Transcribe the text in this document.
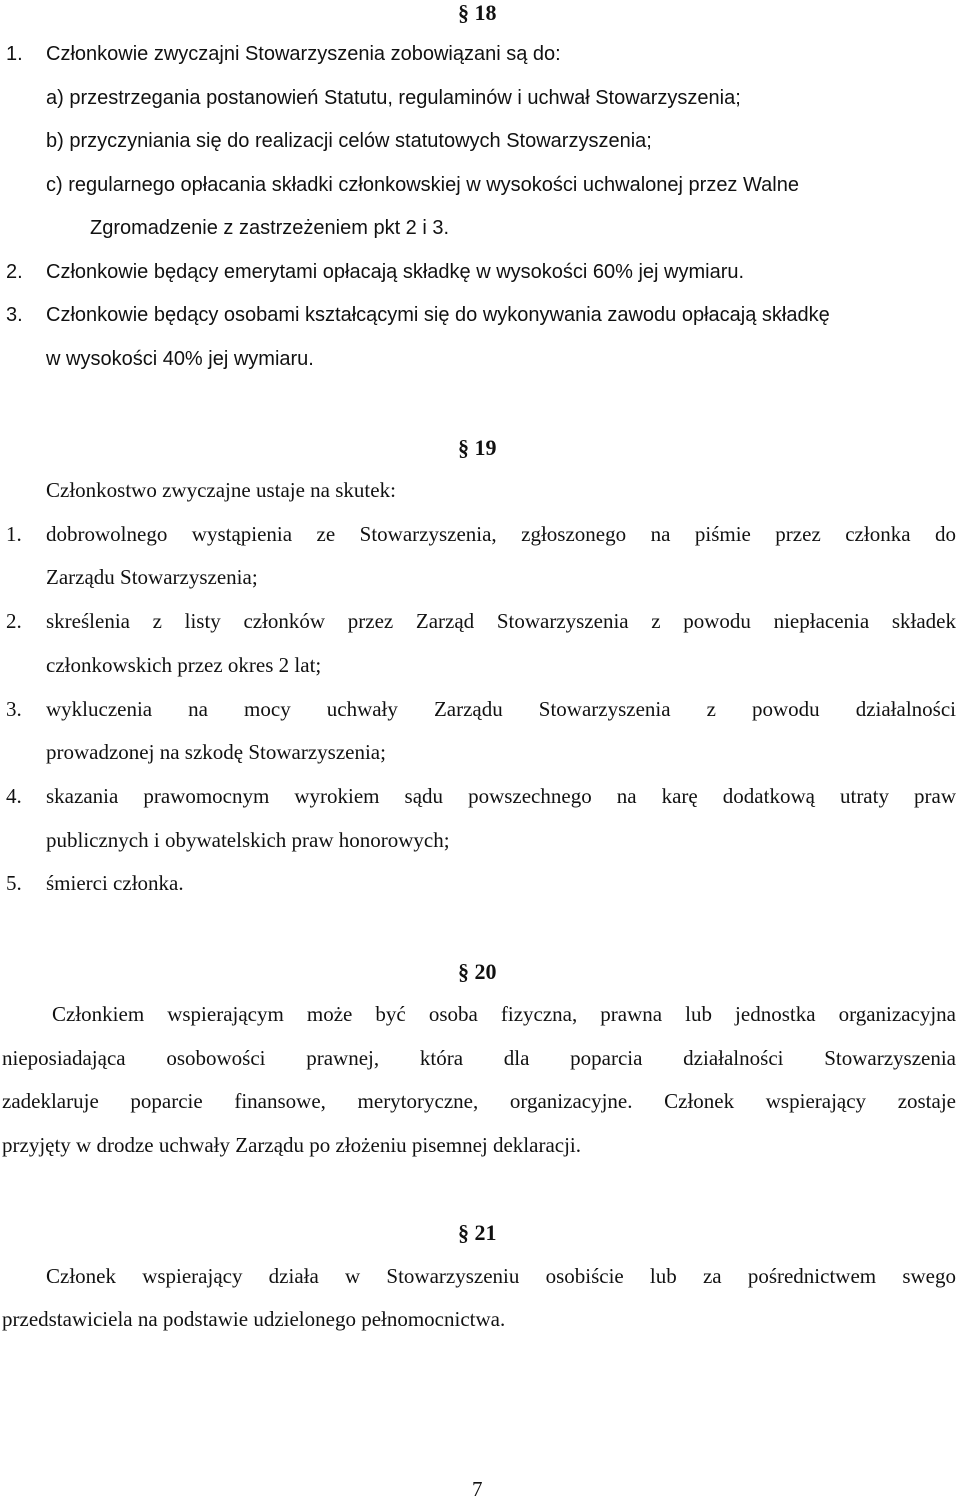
§ 18
1. Członkowie zwyczajni Stowarzyszenia zobowiązani są do:
a) przestrzegania postanowień Statutu, regulaminów i uchwał Stowarzyszenia;
b) przyczyniania się do realizacji celów statutowych Stowarzyszenia;
c) regularnego opłacania składki członkowskiej w wysokości uchwalonej przez Walne
Zgromadzenie z zastrzeżeniem pkt 2 i 3.
2. Członkowie będący emerytami opłacają składkę w wysokości 60% jej wymiaru.
3. Członkowie będący osobami kształcącymi się do wykonywania zawodu opłacają składkę
w wysokości 40% jej wymiaru.
§ 19
Członkostwo zwyczajne ustaje na skutek:
1. dobrowolnego wystąpienia ze Stowarzyszenia, zgłoszonego na piśmie przez członka do
Zarządu Stowarzyszenia;
2. skreślenia z listy członków przez Zarząd Stowarzyszenia z powodu niepłacenia składek
członkowskich przez okres 2 lat;
3. wykluczenia na mocy uchwały Zarządu Stowarzyszenia z powodu działalności
prowadzonej na szkodę Stowarzyszenia;
4. skazania prawomocnym wyrokiem sądu powszechnego na karę dodatkową utraty praw
publicznych i obywatelskich praw honorowych;
5. śmierci członka.
§ 20
Członkiem wspierającym może być osoba fizyczna, prawna lub jednostka organizacyjna
nieposiadająca osobowości prawnej, która dla poparcia działalności Stowarzyszenia
zadeklaruje poparcie finansowe, merytoryczne, organizacyjne. Członek wspierający zostaje
przyjęty w drodze uchwały Zarządu po złożeniu pisemnej deklaracji.
§ 21
Członek wspierający działa w Stowarzyszeniu osobiście lub za pośrednictwem swego
przedstawiciela na podstawie udzielonego pełnomocnictwa.
7
